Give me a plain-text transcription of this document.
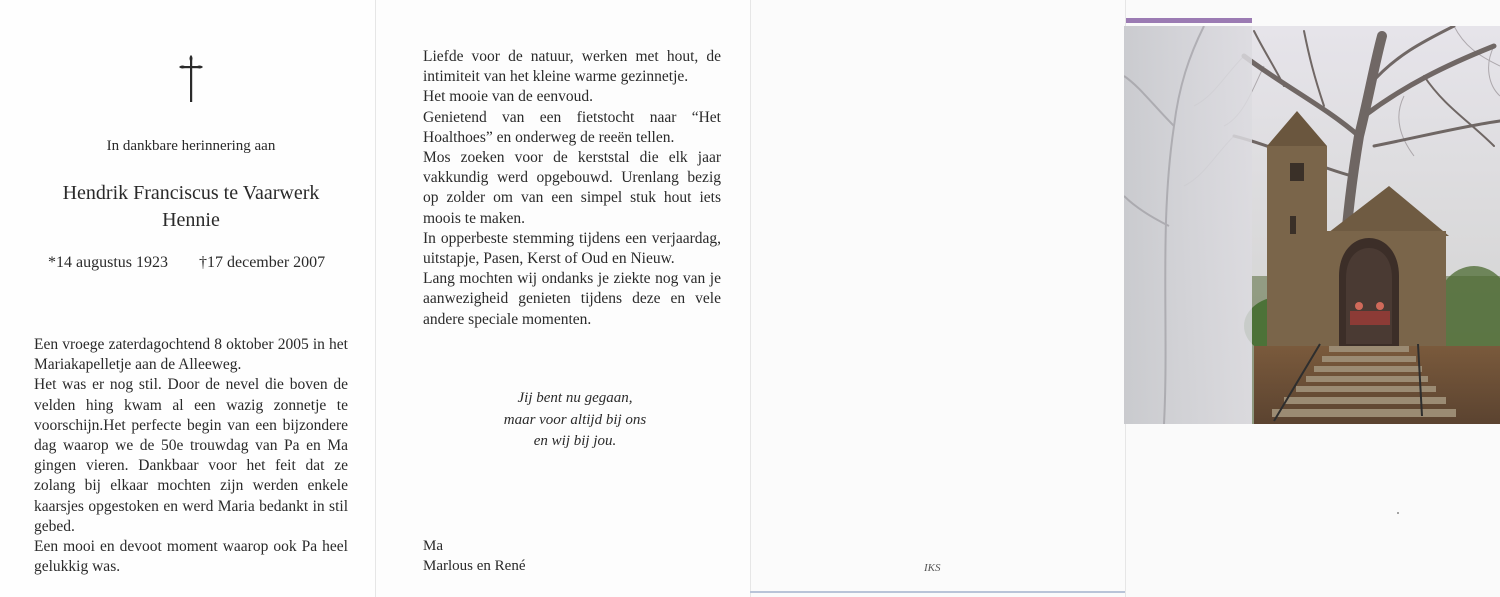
In dankbare herinnering aan
Hendrik Franciscus te Vaarwerk
Hennie
*14 augustus 1923 †17 december 2007
Een vroege zaterdagochtend 8 oktober 2005 in het Mariakapelletje aan de Alleeweg.
Het was er nog stil. Door de nevel die boven de velden hing kwam al een wazig zonnetje te voorschijn.Het perfecte begin van een bijzondere dag waarop we de 50e trouwdag van Pa en Ma gingen vieren. Dankbaar voor het feit dat ze zolang bij elkaar mochten zijn werden enkele kaarsjes opgestoken en werd Maria bedankt in stil gebed.
Een mooi en devoot moment waarop ook Pa heel gelukkig was.
Liefde voor de natuur, werken met hout, de intimiteit van het kleine warme gezinnetje.
Het mooie van de eenvoud.
Genietend van een fietstocht naar “Het Hoalthoes” en onderweg de reeën tellen.
Mos zoeken voor de kerststal die elk jaar vakkundig werd opgebouwd. Urenlang bezig op zolder om van een simpel stuk hout iets moois te maken.
In opperbeste stemming tijdens een verjaardag, uitstapje, Pasen, Kerst of Oud en Nieuw.
Lang mochten wij ondanks je ziekte nog van je aanwezigheid genieten tijdens deze en vele andere speciale momenten.
Jij bent nu gegaan,
maar voor altijd bij ons
en wij bij jou.
Ma
Marlous en René	IKS
